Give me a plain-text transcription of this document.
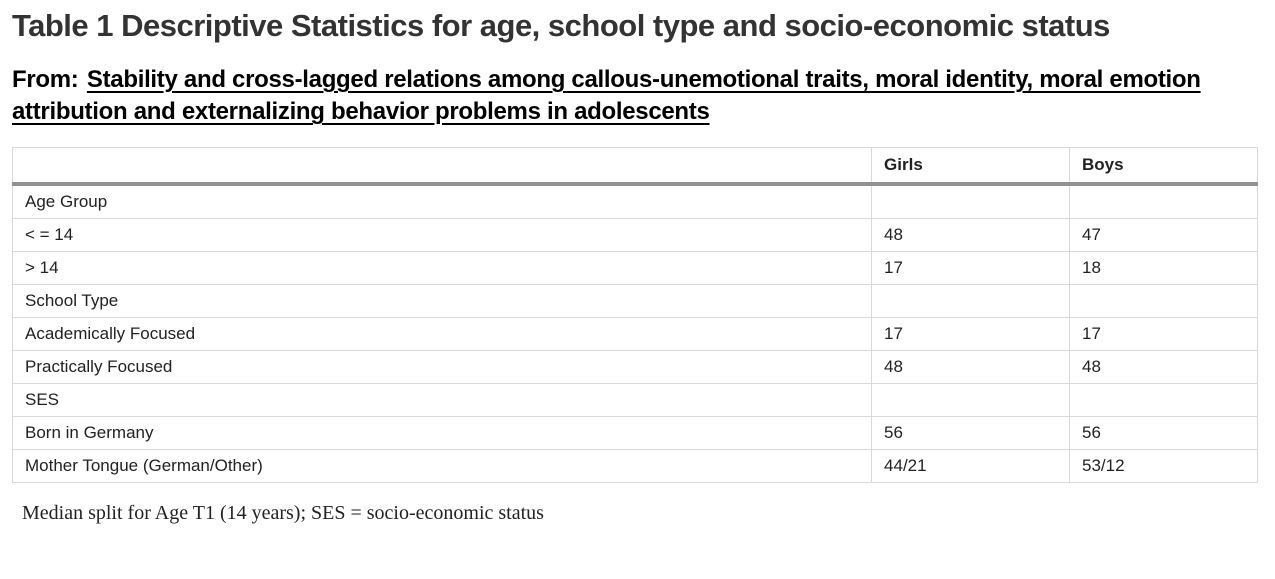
Table 1 Descriptive Statistics for age, school type and socio-economic status

From: Stability and cross-lagged relations among callous-unemotional traits, moral identity, moral emotion attribution and externalizing behavior problems in adolescents

	Girls	Boys
Age Group		
< = 14	48	47
> 14	17	18
School Type		
Academically Focused	17	17
Practically Focused	48	48
SES		
Born in Germany	56	56
Mother Tongue (German/Other)	44/21	53/12

Median split for Age T1 (14 years); SES = socio-economic status
